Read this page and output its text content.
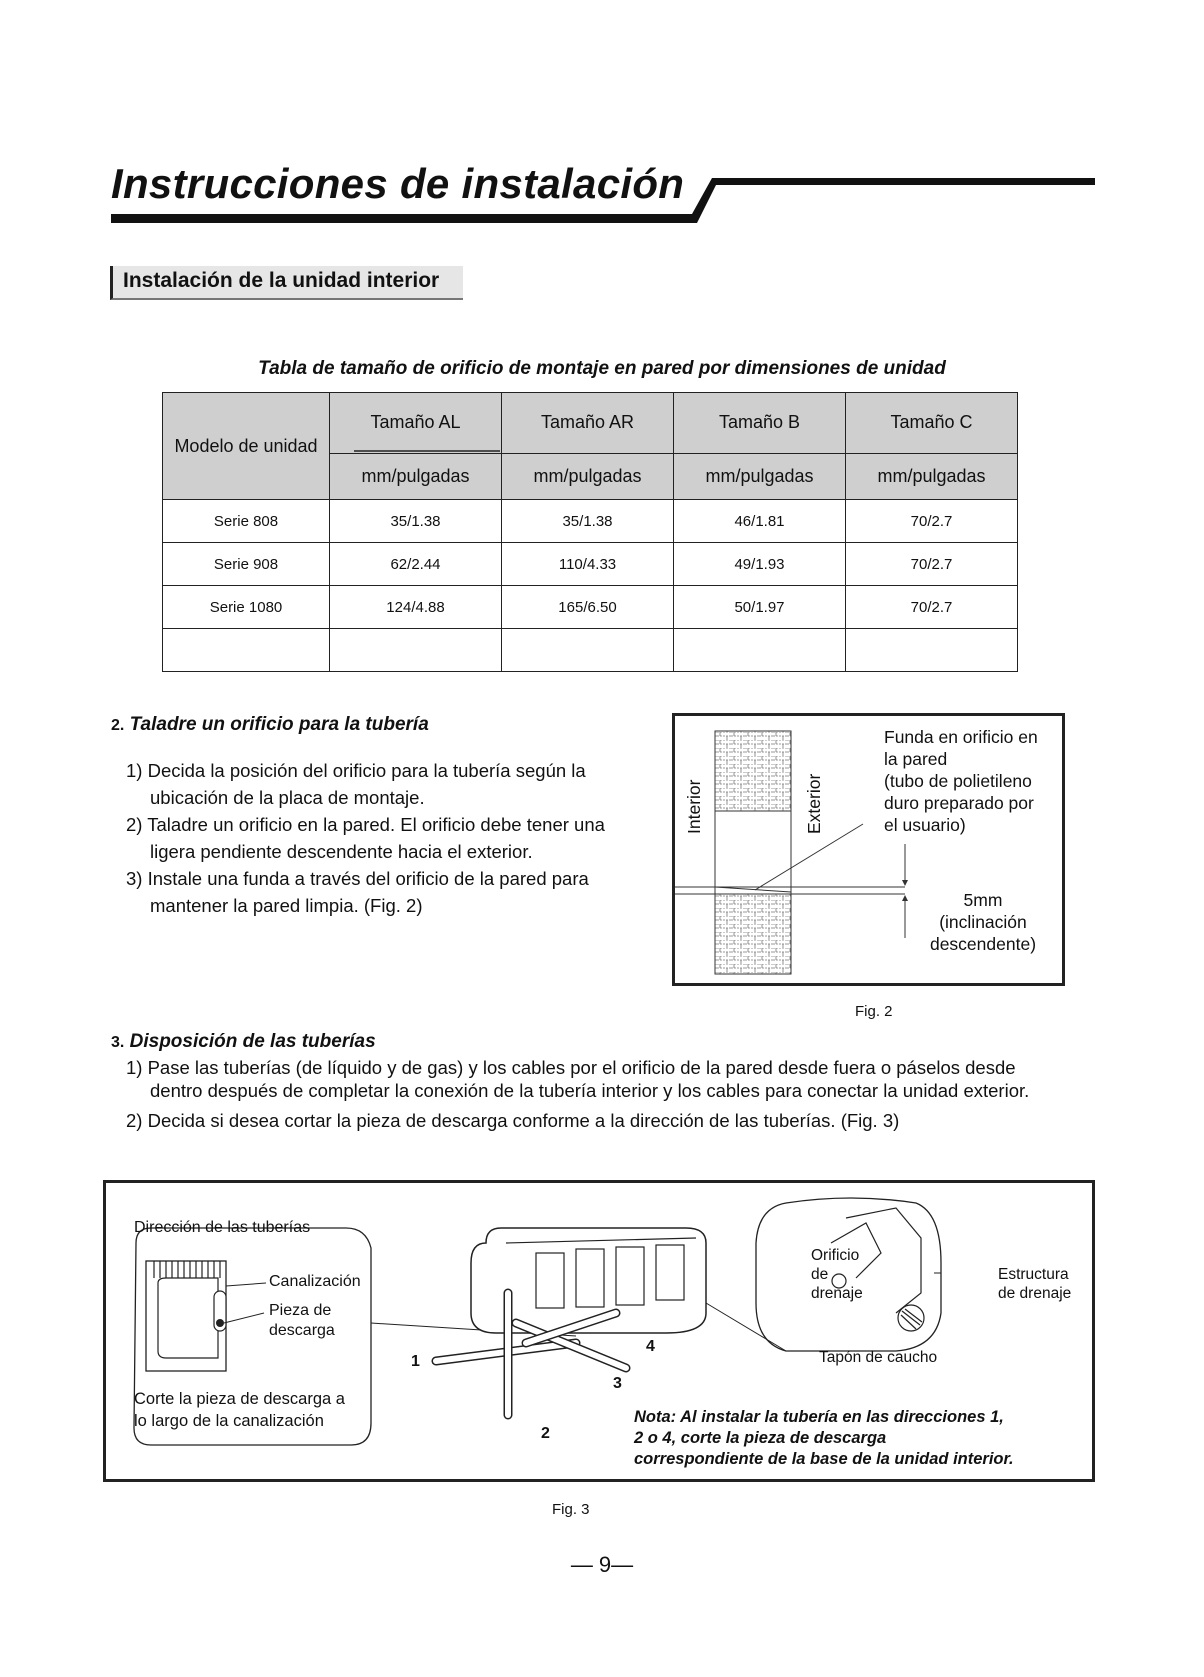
Instrucciones de instalación
Instalación de la unidad interior
Tabla de tamaño de orificio de montaje en pared por dimensiones de unidad
Modelo de unidad	Tamaño AL	Tamaño AR	Tamaño B	Tamaño C
	mm/pulgadas	mm/pulgadas	mm/pulgadas	mm/pulgadas
Serie 808	35/1.38	35/1.38	46/1.81	70/2.7
Serie 908	62/2.44	110/4.33	49/1.93	70/2.7
Serie 1080	124/4.88	165/6.50	50/1.97	70/2.7

2. Taladre un orificio para la tubería
1) Decida la posición del orificio para la tubería según la ubicación de la placa de montaje.
2) Taladre un orificio en la pared. El orificio debe tener una ligera pendiente descendente hacia el exterior.
3) Instale una funda a través del orificio de la pared para mantener la pared limpia. (Fig. 2)
Interior	Exterior
Funda en orificio en
la pared
(tubo de polietileno
duro preparado por
el usuario)
5mm
(inclinación
descendente)
Fig. 2
3. Disposición de las tuberías
1) Pase las tuberías (de líquido y de gas) y los cables por el orificio de la pared desde fuera o páselos desde dentro después de completar la conexión de la tubería interior y los cables para conectar la unidad exterior.
2) Decida si desea cortar la pieza de descarga conforme a la dirección de las tuberías. (Fig. 3)
Dirección de las tuberías
Canalización
Pieza de
descarga
Corte la pieza de descarga a
lo largo de la canalización
1
2
3
4
Orificio
de
drenaje
Tapón de caucho
Estructura
de drenaje
Nota: Al instalar la tubería en las direcciones 1,
2 o 4, corte la pieza de descarga
correspondiente de la base de la unidad interior.
Fig. 3
— 9—
